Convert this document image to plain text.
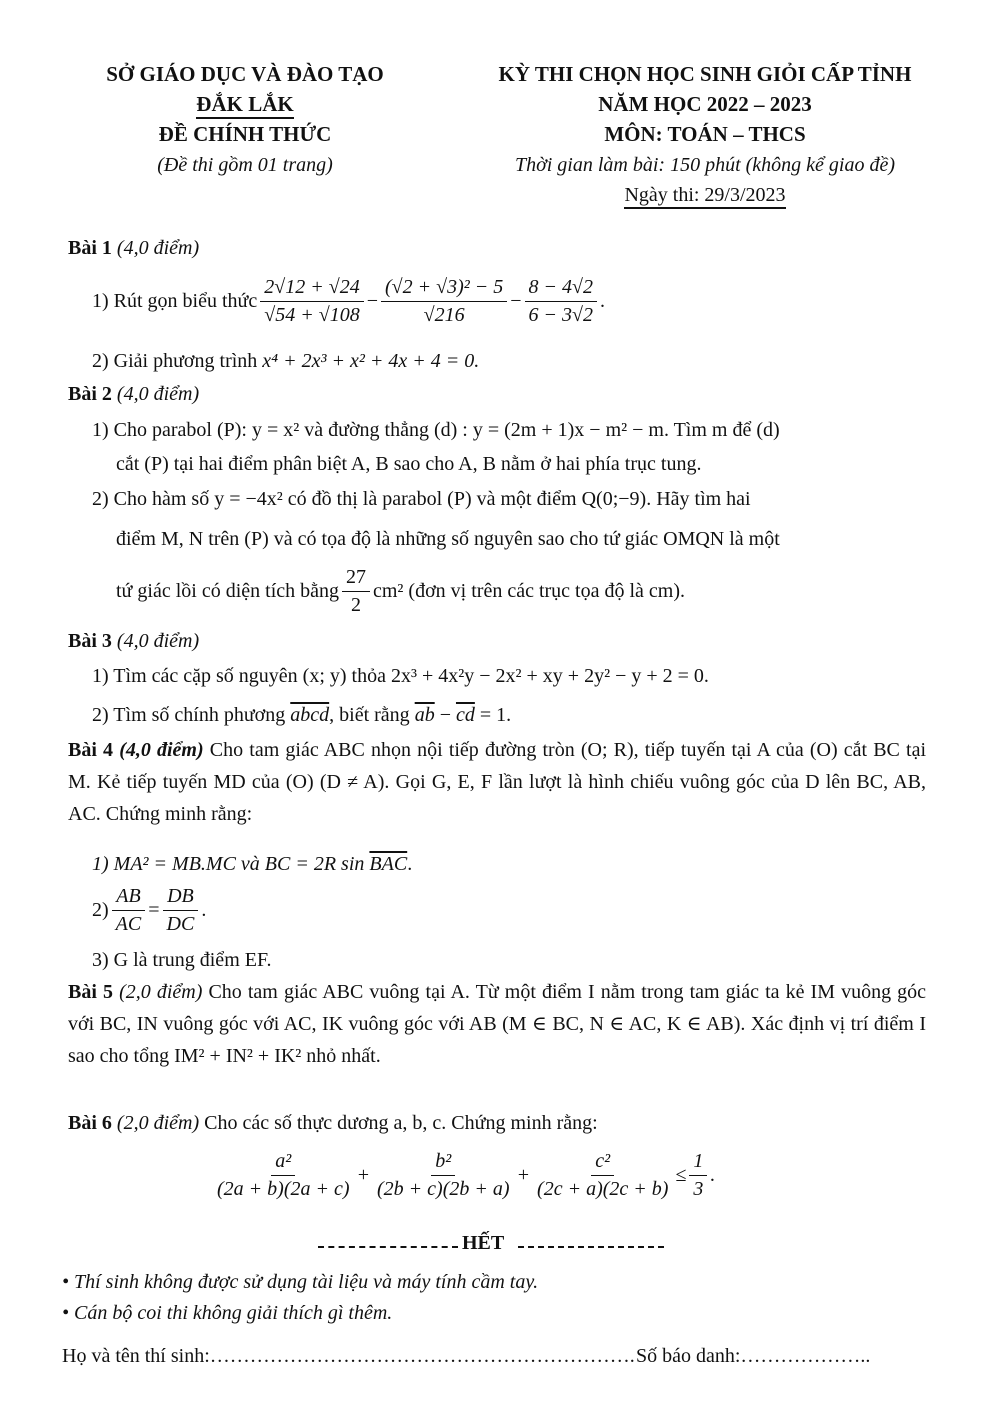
SỞ GIÁO DỤC VÀ ĐÀO TẠO
ĐẮK LẮK
ĐỀ CHÍNH THỨC
(Đề thi gồm 01 trang)
KỲ THI CHỌN HỌC SINH GIỎI CẤP TỈNH
NĂM HỌC 2022 – 2023
MÔN: TOÁN – THCS
Thời gian làm bài: 150 phút (không kể giao đề)
Ngày thi: 29/3/2023
Bài 1 (4,0 điểm)
1) Rút gọn biểu thức $\frac{2√12 + √24}{√54 + √108} - \frac{\text{(√2 + √3)² − 5}}{√216} - \frac{8 - 4√2}{6 - 3√2}$ .
2) Giải phương trình x⁴ + 2x³ + x² + 4x + 4 = 0.
Bài 2 (4,0 điểm)
1) Cho parabol (P): y = x² và đường thẳng (d) : y = (2m + 1)x − m² − m. Tìm m để (d)
cắt (P) tại hai điểm phân biệt A, B sao cho A, B nằm ở hai phía trục tung.
2) Cho hàm số y = −4x² có đồ thị là parabol (P) và một điểm Q(0;−9). Hãy tìm hai
điểm M, N trên (P) và có tọa độ là những số nguyên sao cho tứ giác OMQN là một
tứ giác lồi có diện tích bằng $\frac{27}{2} cm^2$ (đơn vị trên các trục tọa độ là cm).
Bài 3 (4,0 điểm)
1) Tìm các cặp số nguyên (x; y) thỏa 2x³ + 4x²y − 2x² + xy + 2y² − y + 2 = 0.
2) Tìm số chính phương abcd, biết rằng $\overline{ab} - \overline{cd} = 1$.
Bài 4 (4,0 điểm) Cho tam giác ABC nhọn nội tiếp đường tròn (O; R), tiếp tuyến tại A của (O) cắt BC tại M. Kẻ tiếp tuyến MD của (O) (D ≠ A). Gọi G, E, F lần lượt là hình chiếu vuông góc của D lên BC, AB, AC. Chứng minh rằng:
1) MA² = MB.MC và BC = 2R $\sin \overline{BAC}$.
$2) \frac{AB}{AC} = \frac{DB}{DC}$ .
3) G là trung điểm EF.
Bài 5 (2,0 điểm) Cho tam giác ABC vuông tại A. Từ một điểm I nằm trong tam giác ta kẻ IM vuông góc với BC, IN vuông góc với AC, IK vuông góc với AB (M ∈ BC, N ∈ AC, K ∈ AB). Xác định vị trí điểm I sao cho tổng IM² + IN² + IK² nhỏ nhất.
Bài 6 (2,0 điểm) Cho các số thực dương a, b, c. Chứng minh rằng:
$\frac{\text{a²}}{(2a + b)(2a + c)} + \frac{\text{b²}}{(2b + c)(2b + a)} + \frac{\text{c²}}{(2c + a)(2c + b)} \le \frac{1}{3}$ .
HẾT
• Thí sinh không được sử dụng tài liệu và máy tính cầm tay.
• Cán bộ coi thi không giải thích gì thêm.
Họ và tên thí sinh:………………………………………………………. Số báo danh:………………..
